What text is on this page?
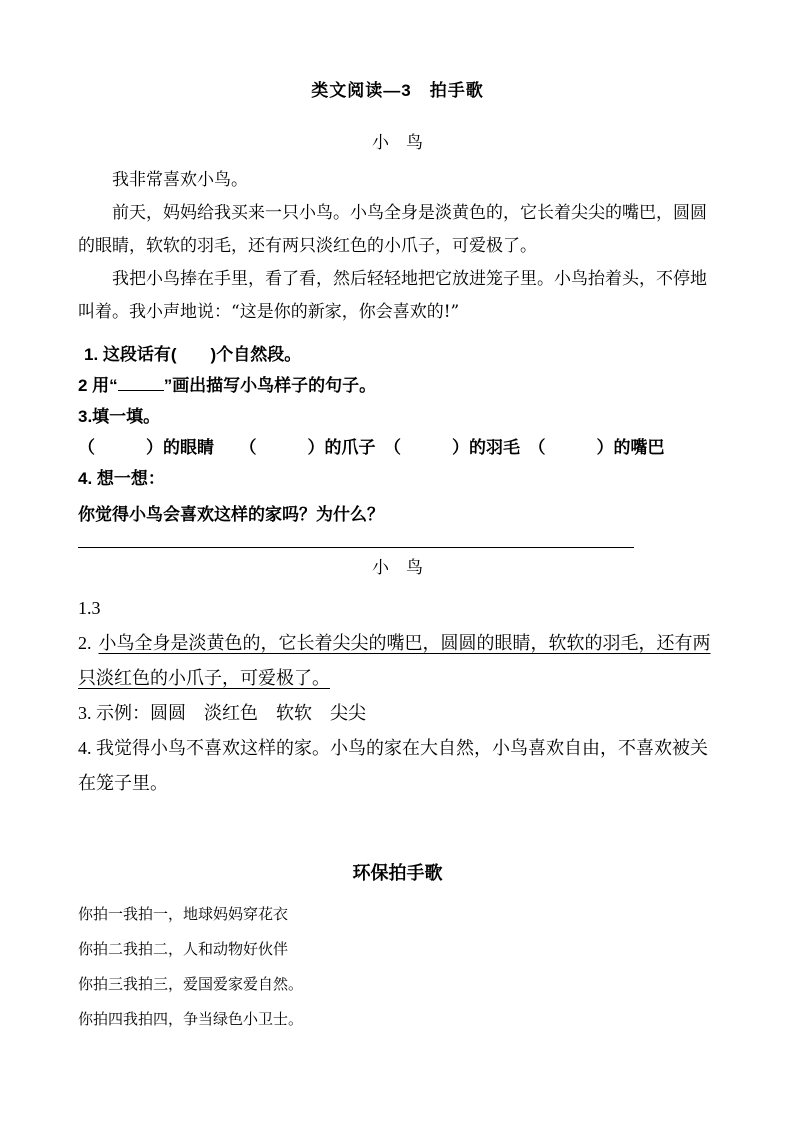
类文阅读—3　拍手歌
小　鸟

我非常喜欢小鸟。

前天，妈妈给我买来一只小鸟。小鸟全身是淡黄色的，它长着尖尖的嘴巴，圆圆的眼睛，软软的羽毛，还有两只淡红色的小爪子，可爱极了。

我把小鸟捧在手里，看了看，然后轻轻地把它放进笼子里。小鸟抬着头，不停地叫着。我小声地说：“这是你的新家，你会喜欢的!”

1. 这段话有(　　)个自然段。

2 用“	”画出描写小鸟样子的句子。

3.填一填。

（　　　）的眼睛　　（　　　）的爪子　（　　　）的羽毛　（　　　）的嘴巴

4. 想一想：

你觉得小鸟会喜欢这样的家吗？为什么？

小　鸟

1.3

2. 小鸟全身是淡黄色的，它长着尖尖的嘴巴，圆圆的眼睛，软软的羽毛，还有两只淡红色的小爪子，可爱极了。

3. 示例：圆圆　淡红色　软软　尖尖

4. 我觉得小鸟不喜欢这样的家。小鸟的家在大自然，小鸟喜欢自由，不喜欢被关在笼子里。

环保拍手歌

你拍一我拍一，地球妈妈穿花衣

你拍二我拍二，人和动物好伙伴

你拍三我拍三，爱国爱家爱自然。

你拍四我拍四，争当绿色小卫士。
